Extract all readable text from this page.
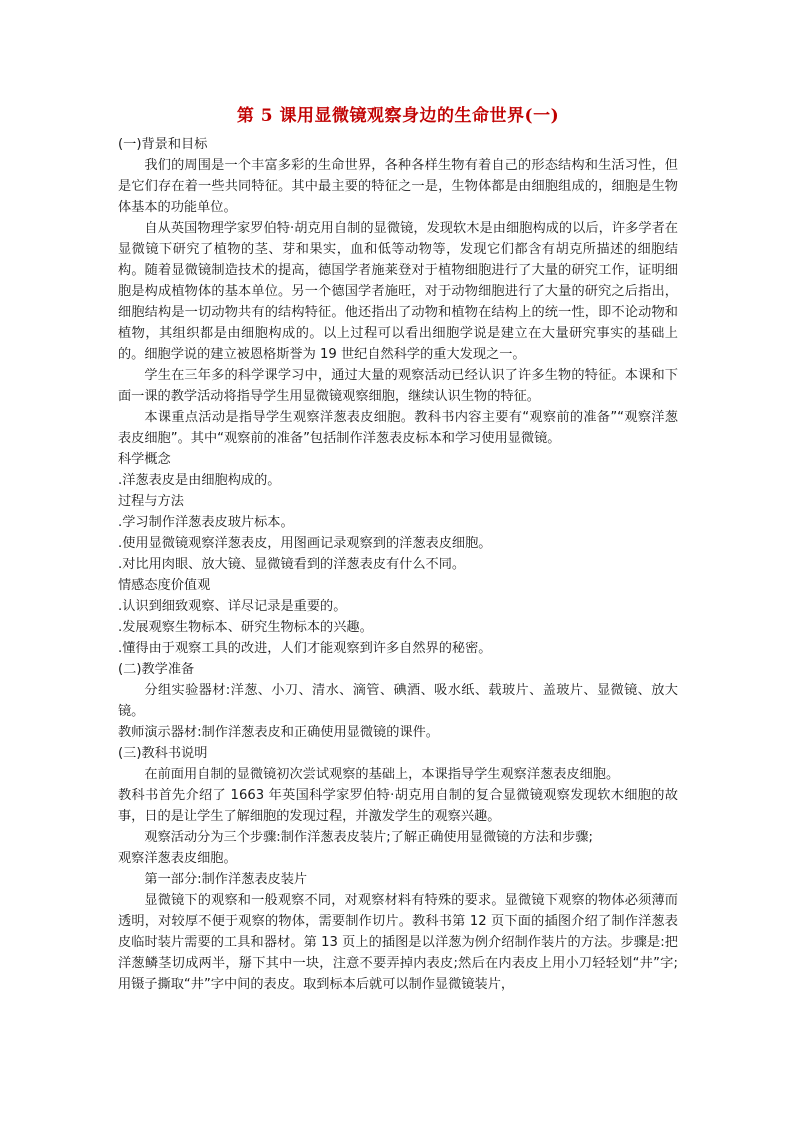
第 5 课用显微镜观察身边的生命世界(一)

(一)背景和目标

我们的周围是一个丰富多彩的生命世界，各种各样生物有着自己的形态结构和生活习性，但是它们存在着一些共同特征。其中最主要的特征之一是，生物体都是由细胞组成的，细胞是生物体基本的功能单位。

自从英国物理学家罗伯特·胡克用自制的显微镜，发现软木是由细胞构成的以后，许多学者在显微镜下研究了植物的茎、芽和果实，血和低等动物等，发现它们都含有胡克所描述的细胞结构。随着显微镜制造技术的提高，德国学者施莱登对于植物细胞进行了大量的研究工作，证明细胞是构成植物体的基本单位。另一个德国学者施旺，对于动物细胞进行了大量的研究之后指出，细胞结构是一切动物共有的结构特征。他还指出了动物和植物在结构上的统一性，即不论动物和植物，其组织都是由细胞构成的。以上过程可以看出细胞学说是建立在大量研究事实的基础上的。细胞学说的建立被恩格斯誉为 19 世纪自然科学的重大发现之一。

学生在三年多的科学课学习中，通过大量的观察活动已经认识了许多生物的特征。本课和下面一课的教学活动将指导学生用显微镜观察细胞，继续认识生物的特征。

本课重点活动是指导学生观察洋葱表皮细胞。教科书内容主要有“观察前的准备”“观察洋葱表皮细胞”。其中“观察前的准备”包括制作洋葱表皮标本和学习使用显微镜。

科学概念

.洋葱表皮是由细胞构成的。

过程与方法

.学习制作洋葱表皮玻片标本。

.使用显微镜观察洋葱表皮，用图画记录观察到的洋葱表皮细胞。

.对比用肉眼、放大镜、显微镜看到的洋葱表皮有什么不同。

情感态度价值观

.认识到细致观察、详尽记录是重要的。

.发展观察生物标本、研究生物标本的兴趣。

.懂得由于观察工具的改进，人们才能观察到许多自然界的秘密。

(二)教学准备

分组实验器材:洋葱、小刀、清水、滴管、碘酒、吸水纸、载玻片、盖玻片、显微镜、放大镜。

教师演示器材:制作洋葱表皮和正确使用显微镜的课件。

(三)教科书说明

在前面用自制的显微镜初次尝试观察的基础上，本课指导学生观察洋葱表皮细胞。

教科书首先介绍了 1663 年英国科学家罗伯特·胡克用自制的复合显微镜观察发现软木细胞的故事，日的是让学生了解细胞的发现过程，并激发学生的观察兴趣。

观察活动分为三个步骤:制作洋葱表皮装片;了解正确使用显微镜的方法和步骤;

观察洋葱表皮细胞。

第一部分:制作洋葱表皮装片

显微镜下的观察和一般观察不同，对观察材料有特殊的要求。显微镜下观察的物体必须薄而透明，对较厚不便于观察的物体，需要制作切片。教科书第 12 页下面的插图介绍了制作洋葱表皮临时装片需要的工具和器材。第 13 页上的插图是以洋葱为例介绍制作装片的方法。步骤是:把洋葱鳞茎切成两半，掰下其中一块，注意不要弄掉内表皮;然后在内表皮上用小刀轻轻划“井”字;用镊子撕取“井”字中间的表皮。取到标本后就可以制作显微镜装片，
